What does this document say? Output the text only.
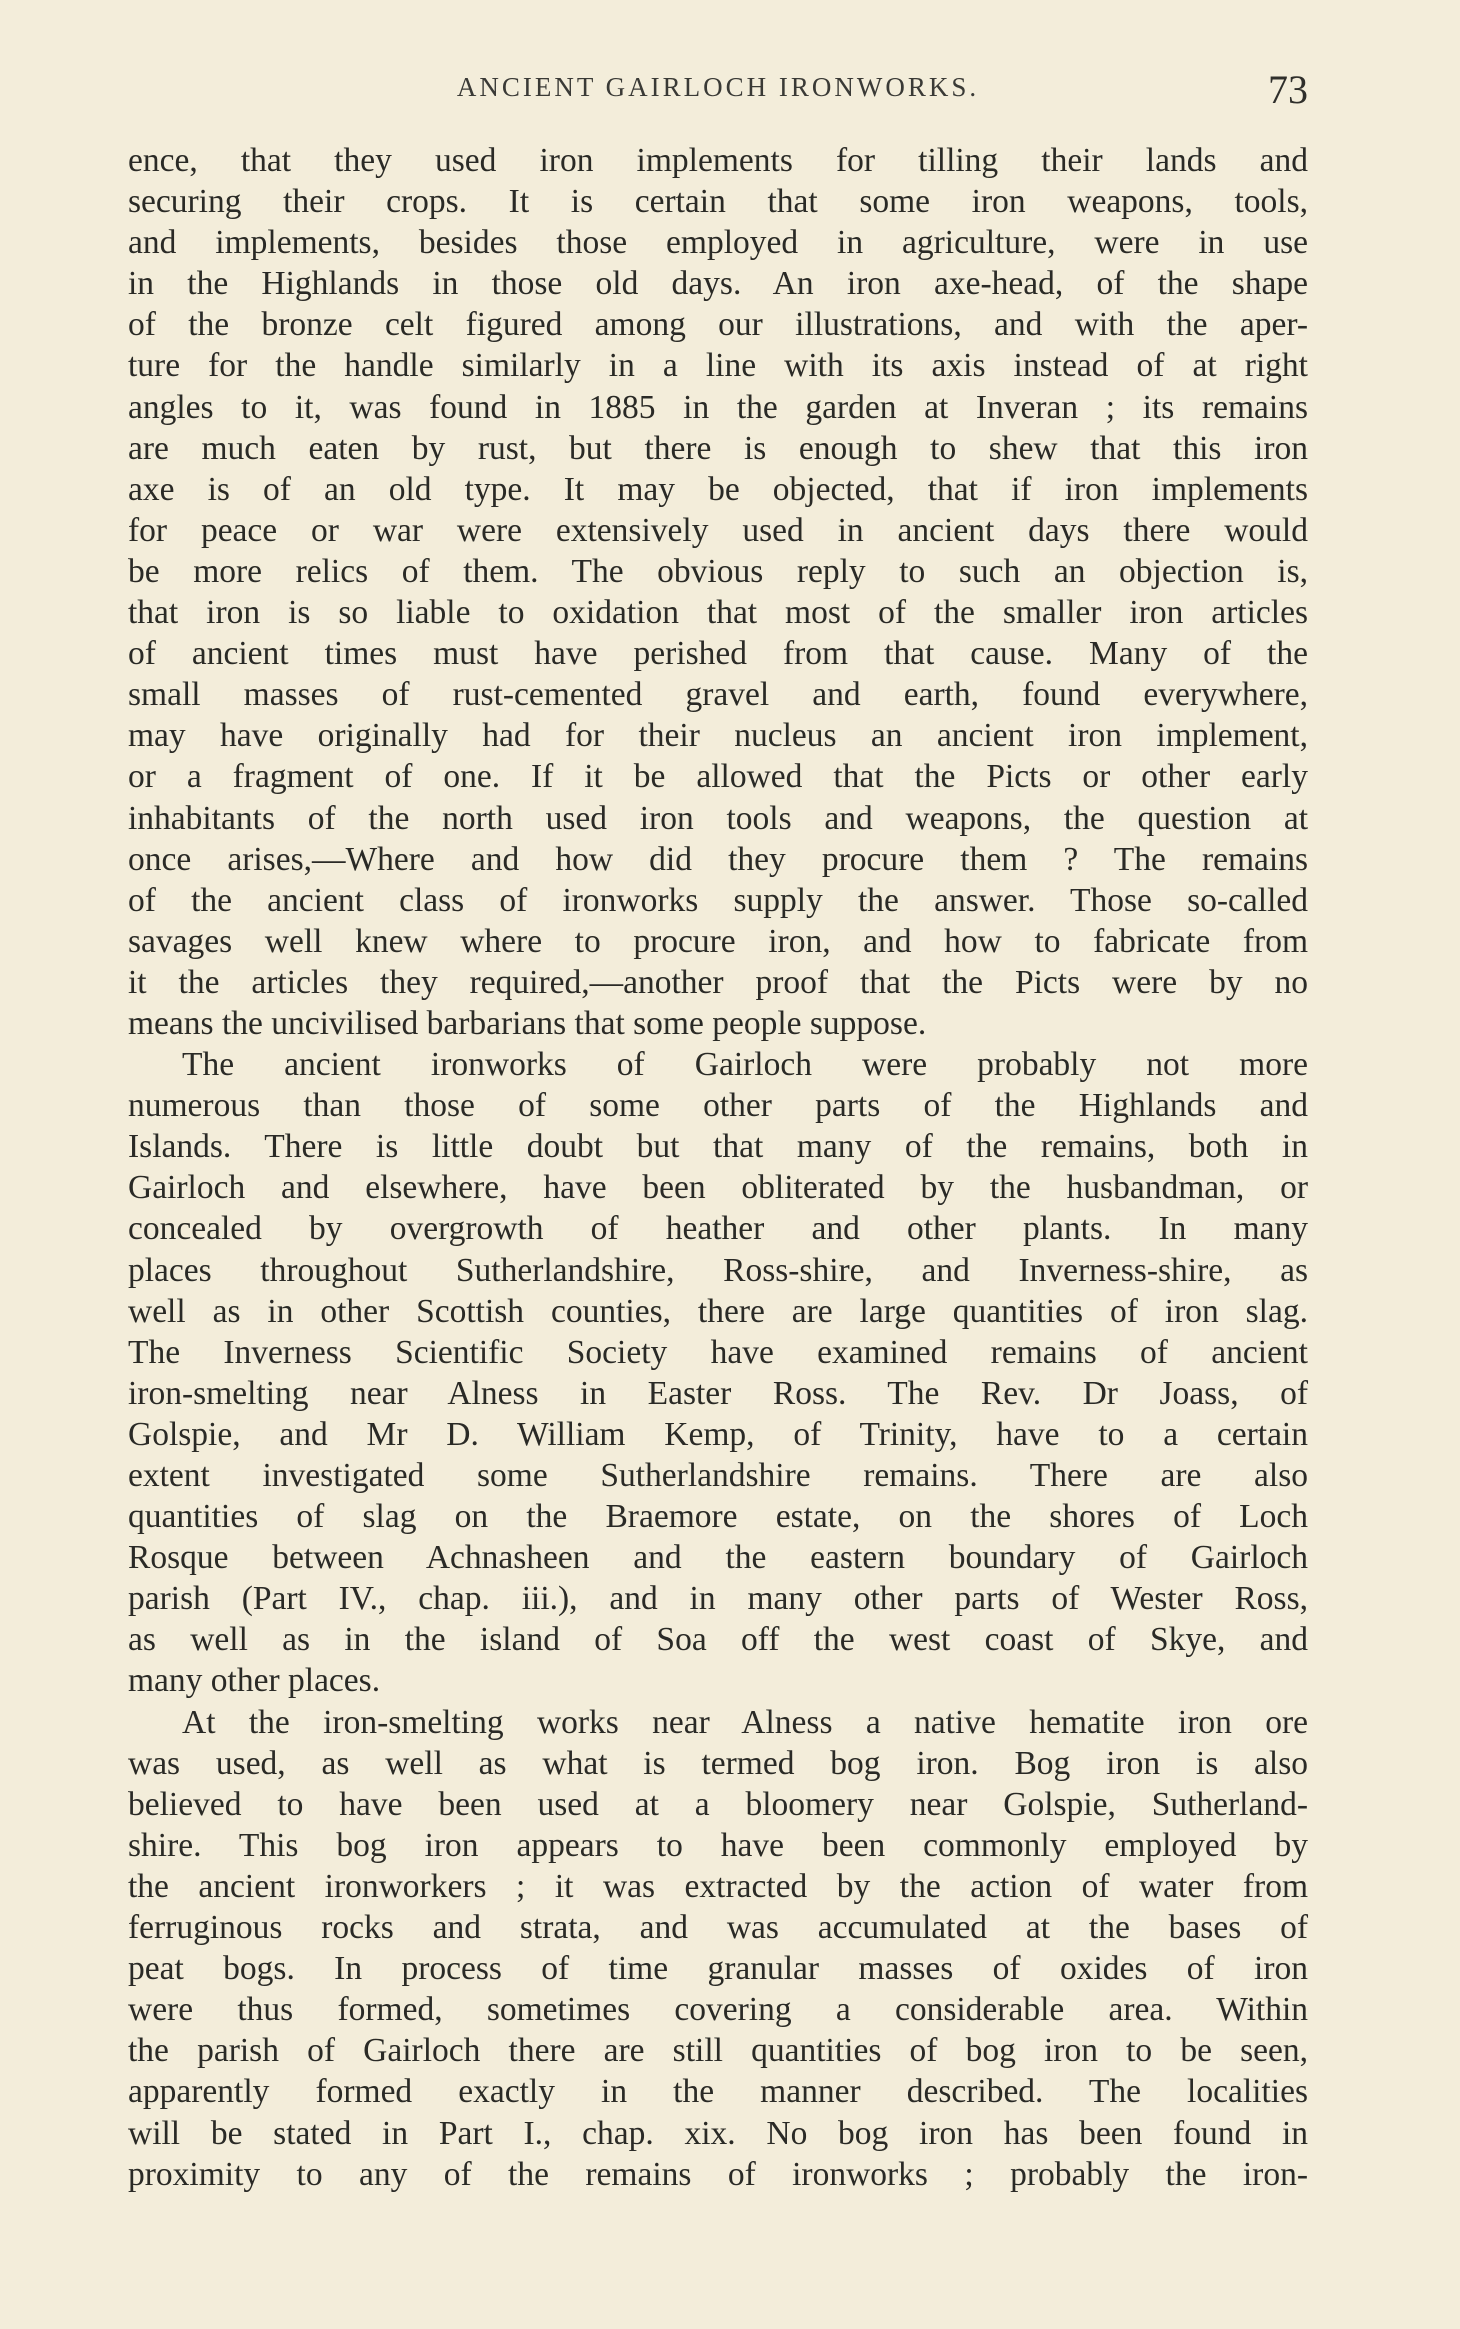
ANCIENT GAIRLOCH IRONWORKS.	73
ence, that they used iron implements for tilling their lands and
securing their crops. It is certain that some iron weapons, tools,
and implements, besides those employed in agriculture, were in use
in the Highlands in those old days. An iron axe-head, of the shape
of the bronze celt figured among our illustrations, and with the aper-
ture for the handle similarly in a line with its axis instead of at right
angles to it, was found in 1885 in the garden at Inveran ; its remains
are much eaten by rust, but there is enough to shew that this iron
axe is of an old type. It may be objected, that if iron implements
for peace or war were extensively used in ancient days there would
be more relics of them. The obvious reply to such an objection is,
that iron is so liable to oxidation that most of the smaller iron articles
of ancient times must have perished from that cause. Many of the
small masses of rust-cemented gravel and earth, found everywhere,
may have originally had for their nucleus an ancient iron implement,
or a fragment of one. If it be allowed that the Picts or other early
inhabitants of the north used iron tools and weapons, the question at
once arises,—Where and how did they procure them ? The remains
of the ancient class of ironworks supply the answer. Those so-called
savages well knew where to procure iron, and how to fabricate from
it the articles they required,—another proof that the Picts were by no
means the uncivilised barbarians that some people suppose.
The ancient ironworks of Gairloch were probably not more
numerous than those of some other parts of the Highlands and
Islands. There is little doubt but that many of the remains, both in
Gairloch and elsewhere, have been obliterated by the husbandman, or
concealed by overgrowth of heather and other plants. In many
places throughout Sutherlandshire, Ross-shire, and Inverness-shire, as
well as in other Scottish counties, there are large quantities of iron slag.
The Inverness Scientific Society have examined remains of ancient
iron-smelting near Alness in Easter Ross. The Rev. Dr Joass, of
Golspie, and Mr D. William Kemp, of Trinity, have to a certain
extent investigated some Sutherlandshire remains. There are also
quantities of slag on the Braemore estate, on the shores of Loch
Rosque between Achnasheen and the eastern boundary of Gairloch
parish (Part IV., chap. iii.), and in many other parts of Wester Ross,
as well as in the island of Soa off the west coast of Skye, and
many other places.
At the iron-smelting works near Alness a native hematite iron ore
was used, as well as what is termed bog iron. Bog iron is also
believed to have been used at a bloomery near Golspie, Sutherland-
shire. This bog iron appears to have been commonly employed by
the ancient ironworkers ; it was extracted by the action of water from
ferruginous rocks and strata, and was accumulated at the bases of
peat bogs. In process of time granular masses of oxides of iron
were thus formed, sometimes covering a considerable area. Within
the parish of Gairloch there are still quantities of bog iron to be seen,
apparently formed exactly in the manner described. The localities
will be stated in Part I., chap. xix. No bog iron has been found in
proximity to any of the remains of ironworks ; probably the iron-
